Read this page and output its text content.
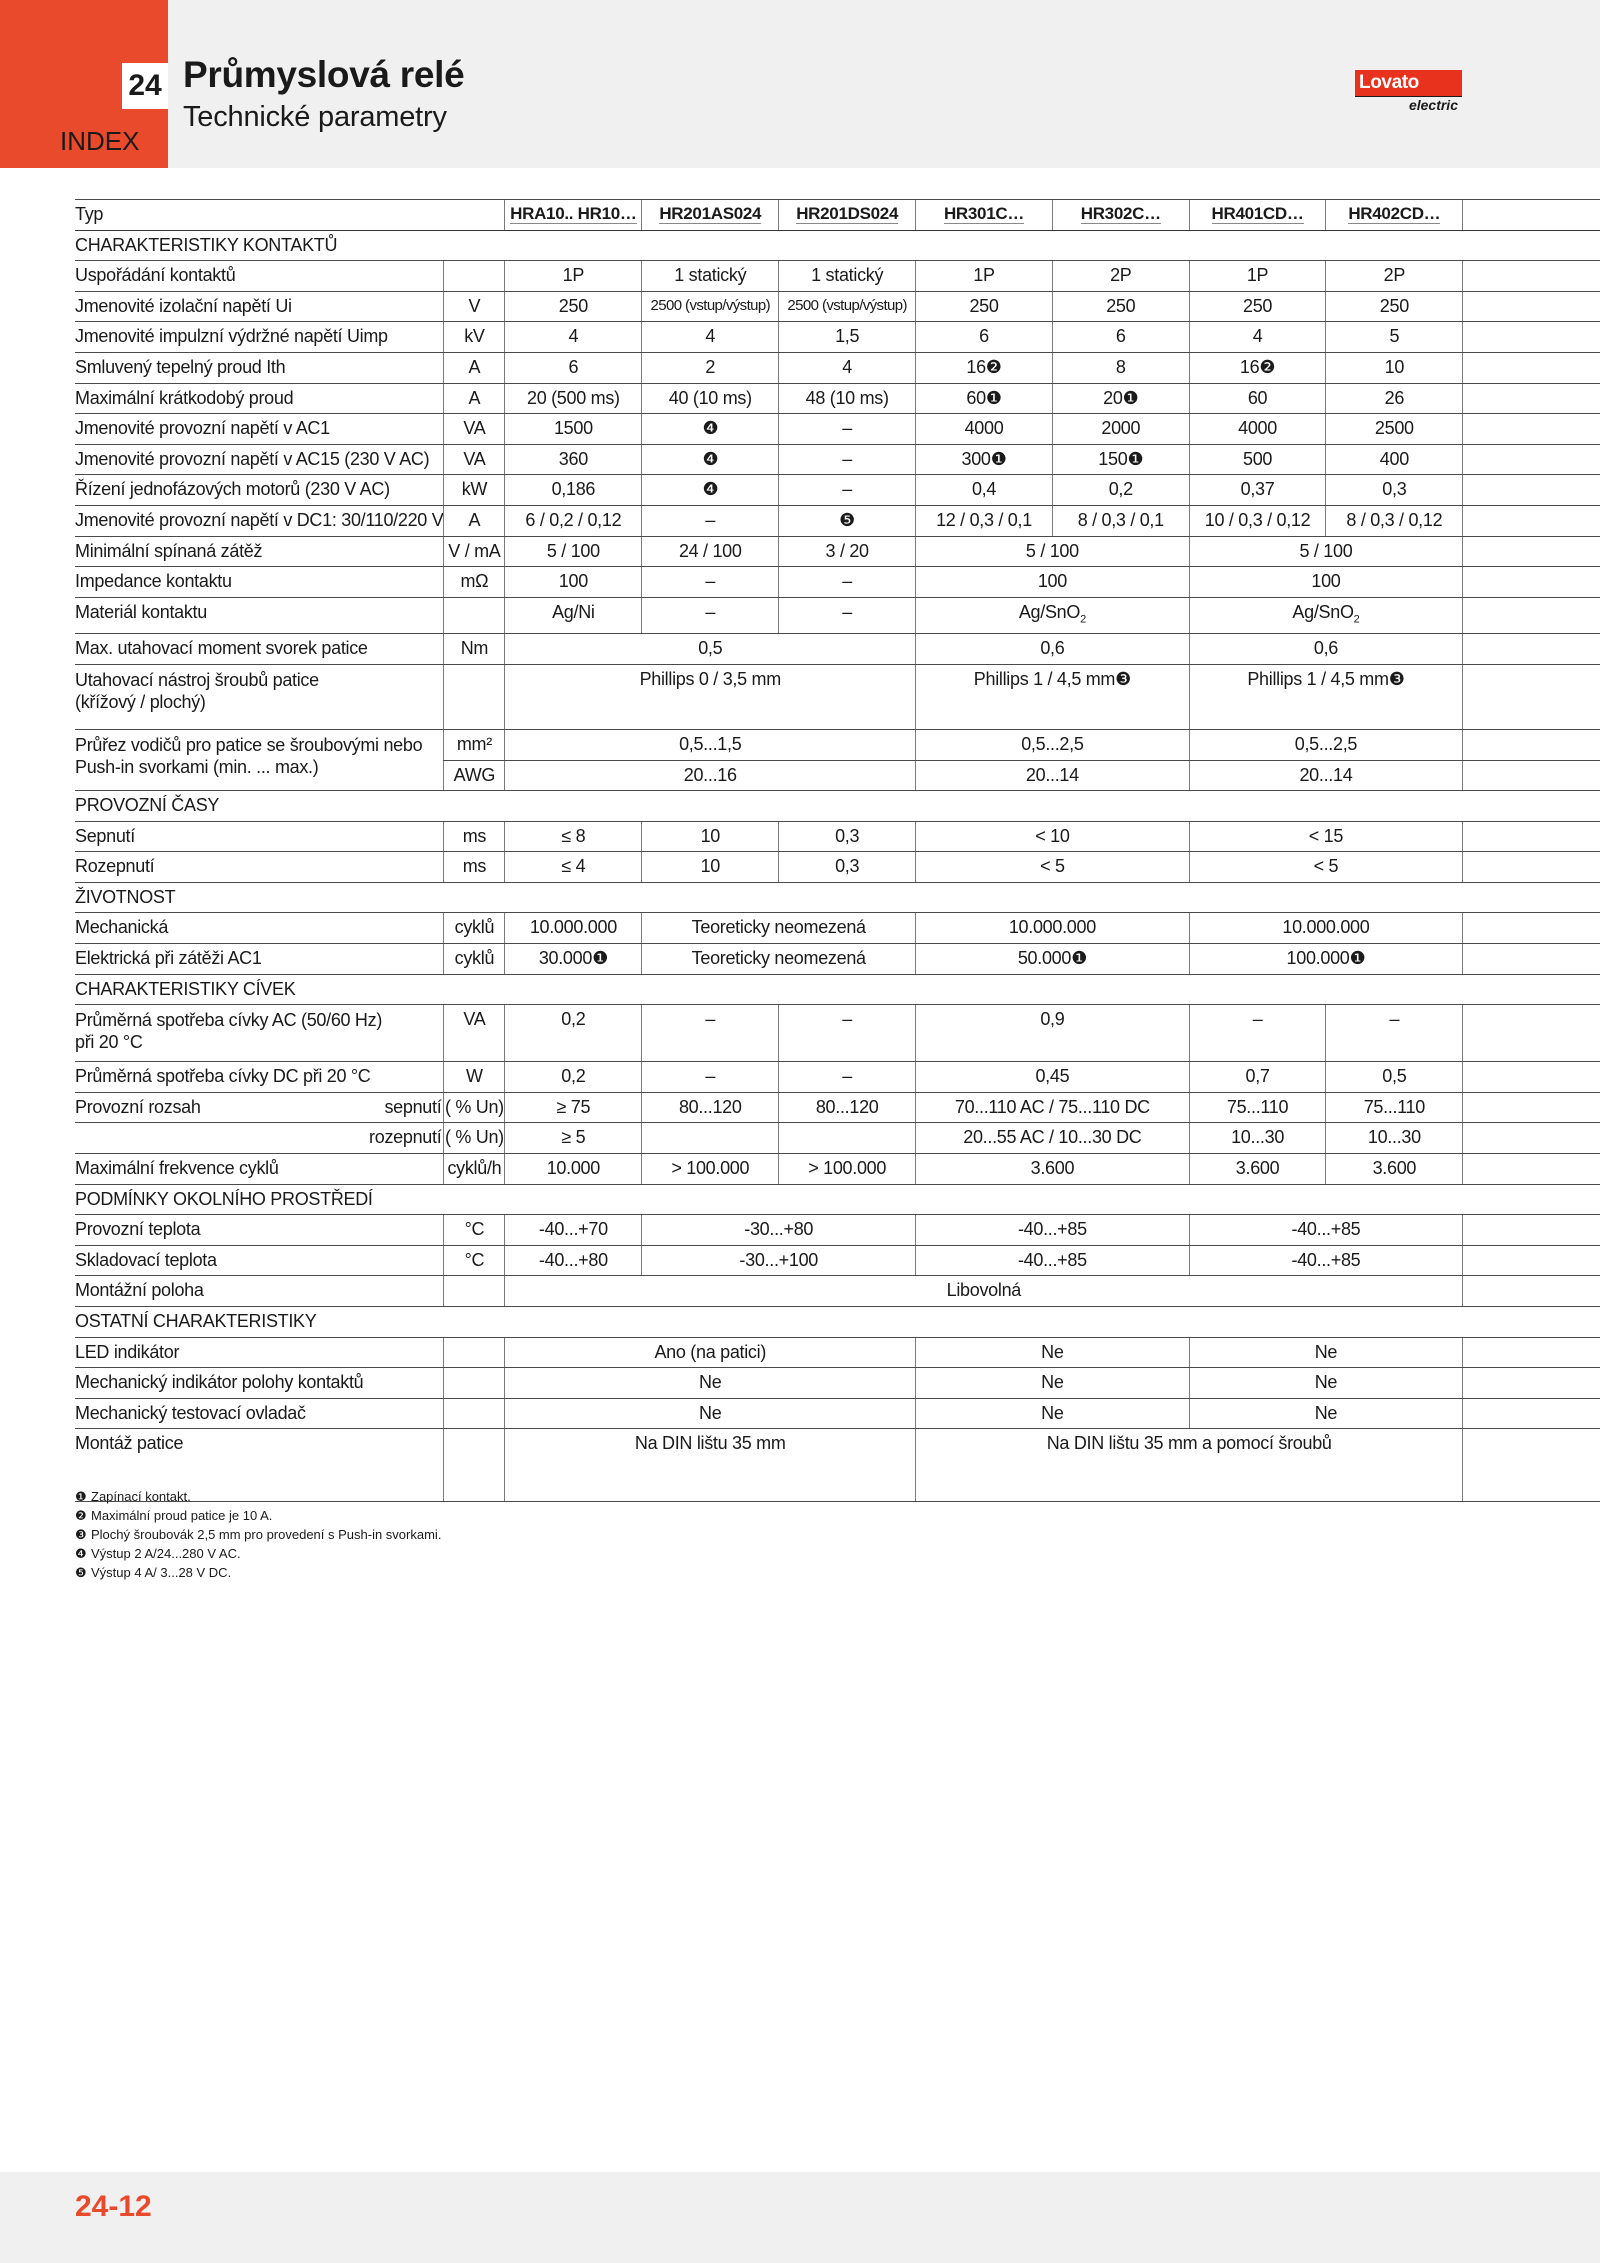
24
INDEX
Průmyslová relé
Technické parametry
Lovato
electric
Typ		HRA10.. HR10…	HR201AS024	HR201DS024	HR301C…	HR302C…	HR401CD…	HR402CD…	
CHARAKTERISTIKY KONTAKTŮ									
Uspořádání kontaktů		1P	1 statický	1 statický	1P	2P	1P	2P	
Jmenovité izolační napětí Ui	V	250	2500 (vstup/výstup)	2500 (vstup/výstup)	250	250	250	250	
Jmenovité impulzní výdržné napětí Uimp	kV	4	4	1,5	6	6	4	5	
Smluvený tepelný proud Ith	A	6	2	4	16❷	8	16❷	10	
Maximální krátkodobý proud	A	20 (500 ms)	40 (10 ms)	48 (10 ms)	60❶	20❶	60	26	
Jmenovité provozní napětí v AC1	VA	1500	❹	–	4000	2000	4000	2500	
Jmenovité provozní napětí v AC15 (230 V AC)	VA	360	❹	–	300❶	150❶	500	400	
Řízení jednofázových motorů (230 V AC)	kW	0,186	❹	–	0,4	0,2	0,37	0,3	
Jmenovité provozní napětí v DC1: 30/110/220 V	A	6 / 0,2 / 0,12	–	❺	12 / 0,3 / 0,1	8 / 0,3 / 0,1	10 / 0,3 / 0,12	8 / 0,3 / 0,12	
Minimální spínaná zátěž	V / mA	5 / 100	24 / 100	3 / 20	5 / 100		5 / 100		
Impedance kontaktu	mΩ	100	–	–	100		100		
Materiál kontaktu		Ag/Ni	–	–	Ag/SnO$_2$		Ag/SnO$_2$	
Max. utahovací moment svorek patice	Nm	0,5			0,6		0,6		
Utahovací nástroj šroubů patice
(křížový / plochý)		Phillips 0 / 3,5 mm			Phillips 1 / 4,5 mm❸		Phillips 1 / 4,5 mm❸		
Průřez vodičů pro patice se šroubovými nebo
Push-in svorkami (min. ... max.)	mm²	0,5...1,5			0,5...2,5		0,5...2,5		
	AWG	20...16			20...14		20...14		
PROVOZNÍ ČASY									
Sepnutí	ms	≤ 8	10	0,3	< 10		< 15		
Rozepnutí	ms	≤ 4	10	0,3	< 5		< 5		
ŽIVOTNOST									
Mechanická	cyklů	10.000.000	Teoreticky neomezená		10.000.000		10.000.000		
Elektrická při zátěži AC1	cyklů	30.000❶	Teoreticky neomezená		50.000❶		100.000❶		
CHARAKTERISTIKY CÍVEK									
Průměrná spotřeba cívky AC (50/60 Hz)
při 20 °C	VA	0,2	–	–	0,9		–	–	
Průměrná spotřeba cívky DC při 20 °C	W	0,2	–	–	0,45		0,7	0,5	
Provozní rozsah sepnutí	( % Un)	≥ 75	80...120	80...120	70...110 AC / 75...110 DC		75...110	75...110	
rozepnutí	( % Un)	≥ 5			20...55 AC / 10...30 DC		10...30	10...30	
Maximální frekvence cyklů	cyklů/h	10.000	> 100.000	> 100.000	3.600		3.600	3.600	
PODMÍNKY OKOLNÍHO PROSTŘEDÍ									
Provozní teplota	°C	-40...+70	-30...+80		-40...+85		-40...+85		
Skladovací teplota	°C	-40...+80	-30...+100		-40...+85		-40...+85		
Montážní poloha		Libovolná							
OSTATNÍ CHARAKTERISTIKY									
LED indikátor		Ano (na patici)			Ne		Ne		
Mechanický indikátor polohy kontaktů		Ne			Ne		Ne		
Mechanický testovací ovladač		Ne			Ne		Ne		
Montáž patice		Na DIN lištu 35 mm			Na DIN lištu 35 mm a pomocí šroubů				
❶ Zapínací kontakt.
❷ Maximální proud patice je 10 A.
❸ Plochý šroubovák 2,5 mm pro provedení s Push-in svorkami.
❹ Výstup 2 A/24...280 V AC.
❺ Výstup 4 A/ 3...28 V DC.
24-12
